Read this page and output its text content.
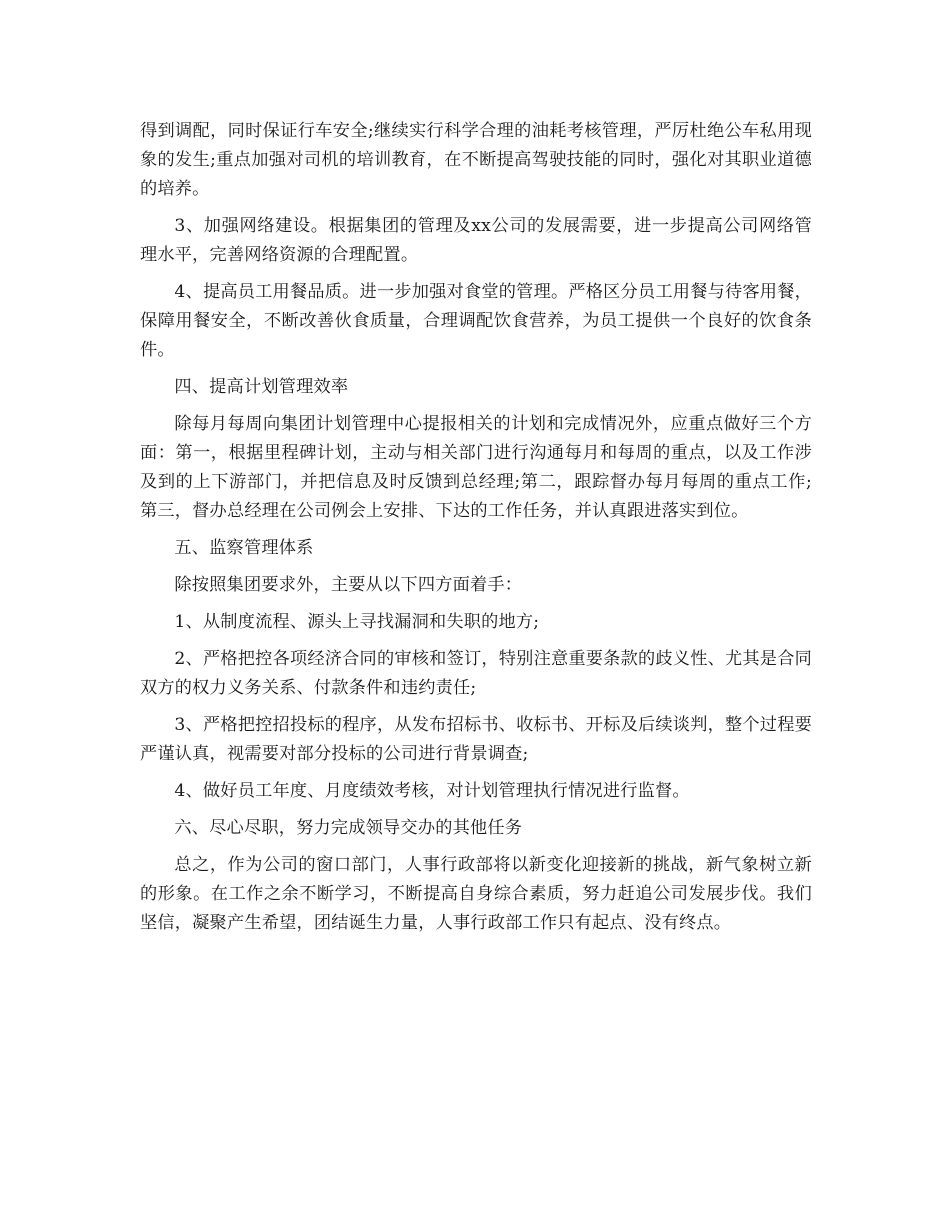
得到调配，同时保证行车安全;继续实行科学合理的油耗考核管理，严厉杜绝公车私用现象的发生;重点加强对司机的培训教育，在不断提高驾驶技能的同时，强化对其职业道德的培养。

3、加强网络建设。根据集团的管理及xx公司的发展需要，进一步提高公司网络管理水平，完善网络资源的合理配置。

4、提高员工用餐品质。进一步加强对食堂的管理。严格区分员工用餐与待客用餐，保障用餐安全，不断改善伙食质量，合理调配饮食营养，为员工提供一个良好的饮食条件。

四、提高计划管理效率

除每月每周向集团计划管理中心提报相关的计划和完成情况外，应重点做好三个方面：第一，根据里程碑计划，主动与相关部门进行沟通每月和每周的重点，以及工作涉及到的上下游部门，并把信息及时反馈到总经理;第二，跟踪督办每月每周的重点工作;第三，督办总经理在公司例会上安排、下达的工作任务，并认真跟进落实到位。

五、监察管理体系

除按照集团要求外，主要从以下四方面着手：

1、从制度流程、源头上寻找漏洞和失职的地方;

2、严格把控各项经济合同的审核和签订，特别注意重要条款的歧义性、尤其是合同双方的权力义务关系、付款条件和违约责任;

3、严格把控招投标的程序，从发布招标书、收标书、开标及后续谈判，整个过程要严谨认真，视需要对部分投标的公司进行背景调查;

4、做好员工年度、月度绩效考核，对计划管理执行情况进行监督。

六、尽心尽职，努力完成领导交办的其他任务

总之，作为公司的窗口部门，人事行政部将以新变化迎接新的挑战，新气象树立新的形象。在工作之余不断学习，不断提高自身综合素质，努力赶追公司发展步伐。我们坚信，凝聚产生希望，团结诞生力量，人事行政部工作只有起点、没有终点。
